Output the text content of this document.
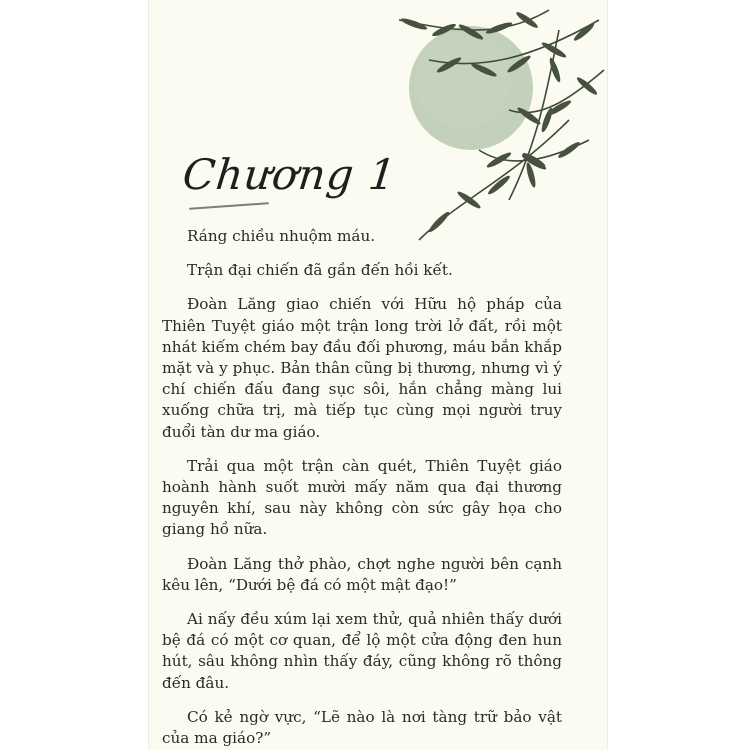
Chương 1

Ráng chiều nhuộm máu.

Trận đại chiến đã gần đến hồi kết.

Đoàn Lăng giao chiến với Hữu hộ pháp của Thiên Tuyệt giáo một trận long trời lở đất, rồi một nhát kiếm chém bay đầu đối phương, máu bắn khắp mặt và y phục. Bản thân cũng bị thương, nhưng vì ý chí chiến đấu đang sục sôi, hắn chẳng màng lui xuống chữa trị, mà tiếp tục cùng mọi người truy đuổi tàn dư ma giáo.

Trải qua một trận càn quét, Thiên Tuyệt giáo hoành hành suốt mười mấy năm qua đại thương nguyên khí, sau này không còn sức gây họa cho giang hồ nữa.

Đoàn Lăng thở phào, chợt nghe người bên cạnh kêu lên, “Dưới bệ đá có một mật đạo!”

Ai nấy đều xúm lại xem thử, quả nhiên thấy dưới bệ đá có một cơ quan, để lộ một cửa động đen hun hút, sâu không nhìn thấy đáy, cũng không rõ thông đến đâu.

Có kẻ ngờ vực, “Lẽ nào là nơi tàng trữ bảo vật của ma giáo?”
